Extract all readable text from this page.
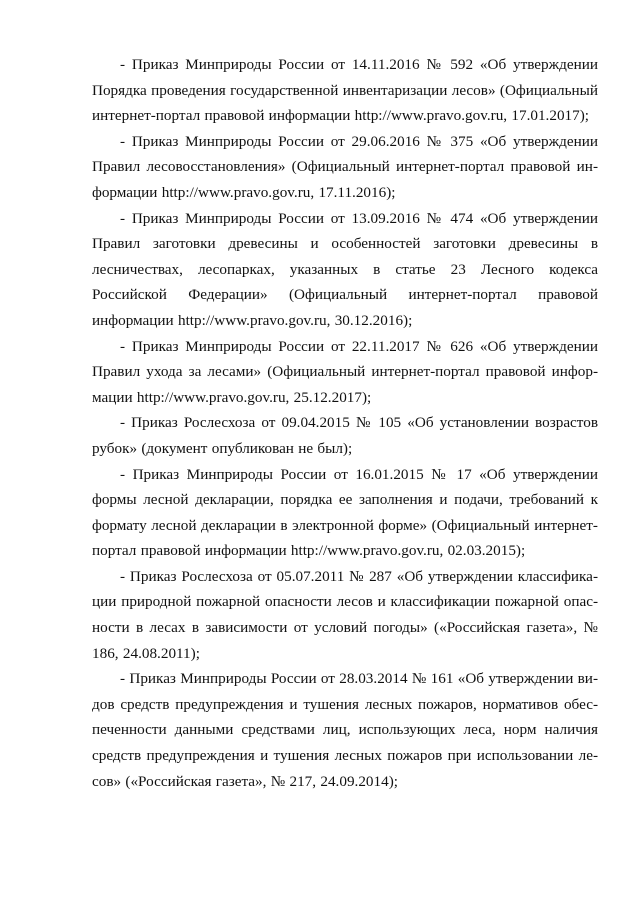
- Приказ Минприроды России от 14.11.2016 № 592 «Об утверждении Порядка проведения государственной инвентаризации лесов» (Официальный интернет-портал правовой информации http://www.pravo.gov.ru, 17.01.2017);

- Приказ Минприроды России от 29.06.2016 № 375 «Об утверждении Правил лесовосстановления» (Официальный интернет-портал правовой информации http://www.pravo.gov.ru, 17.11.2016);

- Приказ Минприроды России от 13.09.2016 № 474 «Об утверждении Правил заготовки древесины и особенностей заготовки древесины в лесничествах, лесопарках, указанных в статье 23 Лесного кодекса Российской Федерации» (Официальный интернет-портал правовой информации http://www.pravo.gov.ru, 30.12.2016);

- Приказ Минприроды России от 22.11.2017 № 626 «Об утверждении Правил ухода за лесами» (Официальный интернет-портал правовой информации http://www.pravo.gov.ru, 25.12.2017);

- Приказ Рослесхоза от 09.04.2015 № 105 «Об установлении возрастов рубок» (документ опубликован не был);

- Приказ Минприроды России от 16.01.2015 № 17 «Об утверждении формы лесной декларации, порядка ее заполнения и подачи, требований к формату лесной декларации в электронной форме» (Официальный интернет-портал правовой информации http://www.pravo.gov.ru, 02.03.2015);

- Приказ Рослесхоза от 05.07.2011 № 287 «Об утверждении классификации природной пожарной опасности лесов и классификации пожарной опасности в лесах в зависимости от условий погоды» («Российская газета», № 186, 24.08.2011);

- Приказ Минприроды России от 28.03.2014 № 161 «Об утверждении видов средств предупреждения и тушения лесных пожаров, нормативов обеспеченности данными средствами лиц, использующих леса, норм наличия средств предупреждения и тушения лесных пожаров при использовании лесов» («Российская газета», № 217, 24.09.2014);
